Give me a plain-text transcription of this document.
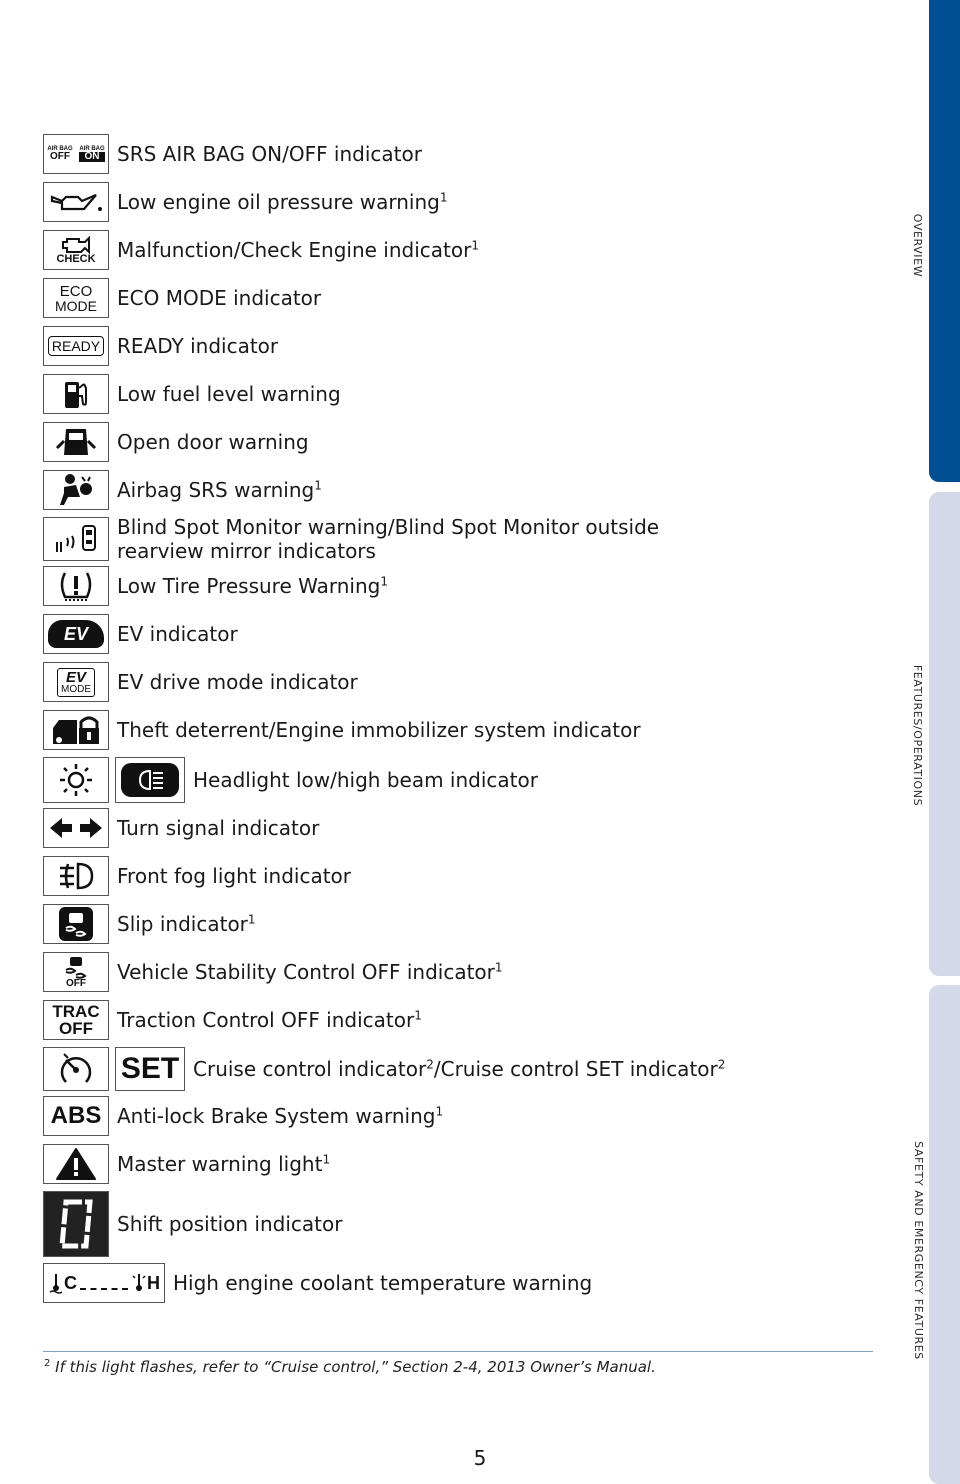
OVERVIEW
FEATURES/OPERATIONS
SAFETY AND EMERGENCY FEATURES
AIR BAG
OFF
AIR BAG
ON SRS AIR BAG ON/OFF indicator
Low engine oil pressure warning$^1$
CHECK Malfunction/Check Engine indicator$^1$
ECO
MODE ECO MODE indicator
READY READY indicator
Low fuel level warning
Open door warning
Airbag SRS warning$^1$
Blind Spot Monitor warning/Blind Spot Monitor outside rearview mirror indicators
Low Tire Pressure Warning$^1$
EV EV indicator
EV
MODE EV drive mode indicator
Theft deterrent/Engine immobilizer system indicator
Headlight low/high beam indicator
Turn signal indicator
Front fog light indicator
Slip indicator$^1$
OFF Vehicle Stability Control OFF indicator$^1$
TRAC
OFF Traction Control OFF indicator$^1$
SET Cruise control indicator$^2$/Cruise control SET indicator$^2$
ABS Anti-lock Brake System warning$^1$
Master warning light$^1$
Shift position indicator
C	H High engine coolant temperature warning
$^2$ If this light flashes, refer to “Cruise control,” Section 2-4, 2013 Owner’s Manual.
5
